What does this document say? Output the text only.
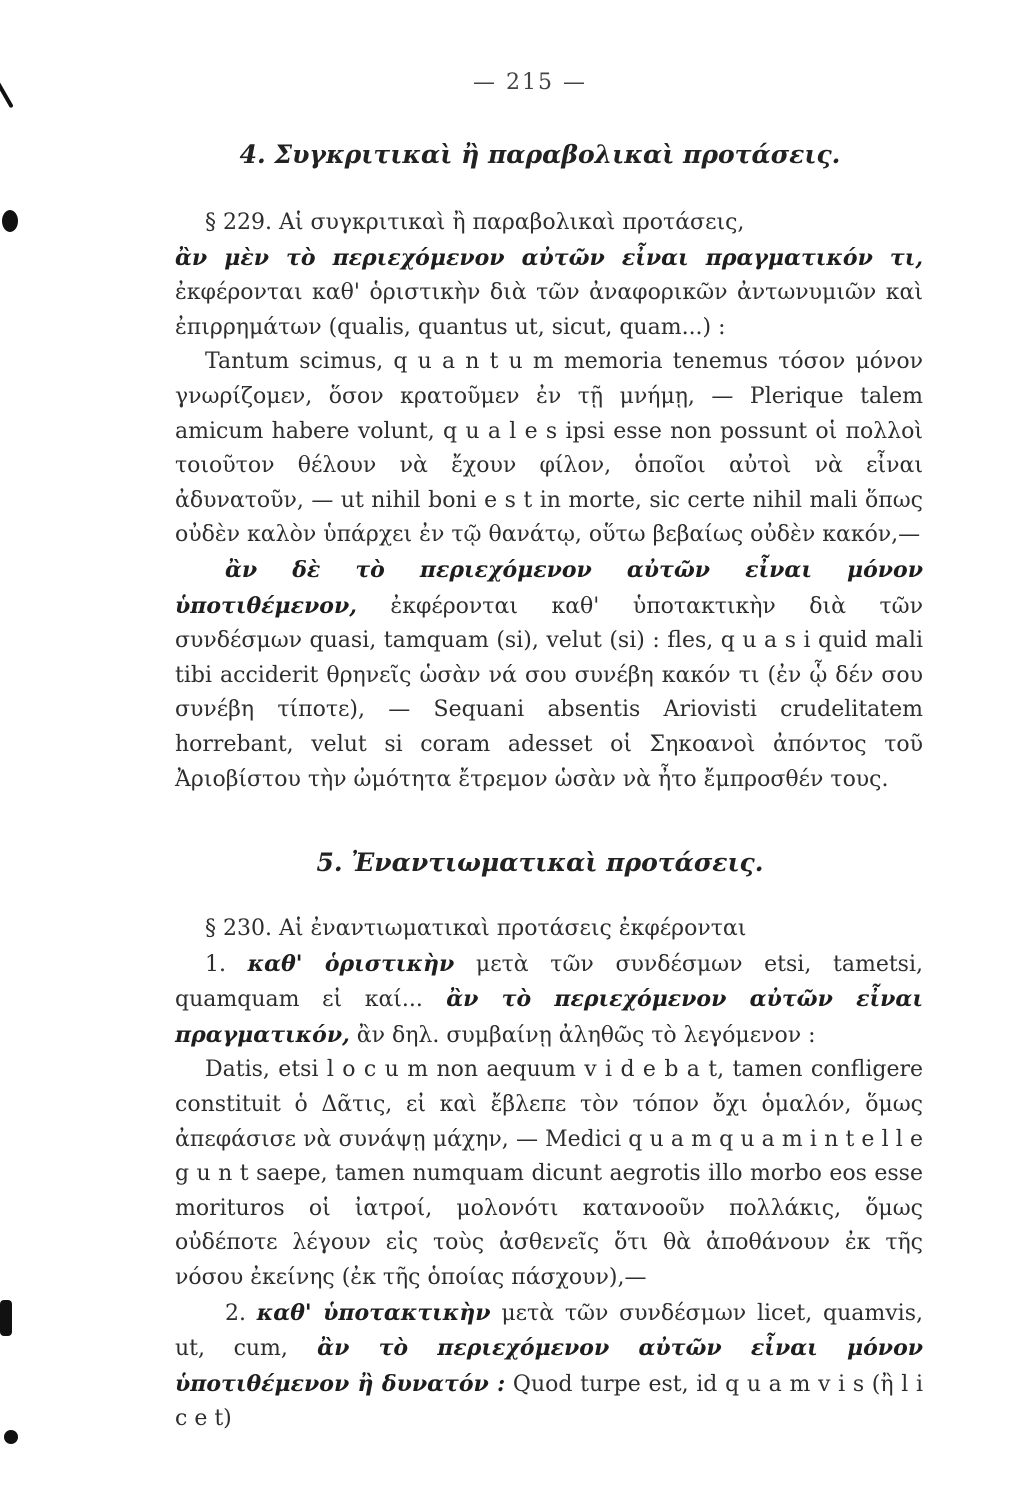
— 215 —
4. Συγκριτικαὶ ἢ παραβολικαὶ προτάσεις.

§ 229. Αἱ συγκριτικαὶ ἢ παραβολικαὶ προτάσεις,
ἂν μὲν τὸ περιεχόμενον αὐτῶν εἶναι πραγματικόν τι, ἐκφέρονται καθ' ὁριστικὴν διὰ τῶν ἀναφορικῶν ἀντωνυμιῶν καὶ ἐπιρρημάτων (qualis, quantus ut, sicut, quam...) :

Tantum scimus, q u a n t u m memoria tenemus τόσον μόνον γνωρίζομεν, ὅσον κρατοῦμεν ἐν τῇ μνήμῃ, — Plerique talem amicum habere volunt, q u a l e s ipsi esse non possunt οἱ πολλοὶ τοιοῦτον θέλουν νὰ ἔχουν φίλον, ὁποῖοι αὐτοὶ νὰ εἶναι ἀδυνατοῦν, — ut nihil boni e s t in morte, sic certe nihil mali ὅπως οὐδὲν καλὸν ὑπάρχει ἐν τῷ θανάτῳ, οὕτω βεβαίως οὐδὲν κακόν,—

ἂν δὲ τὸ περιεχόμενον αὐτῶν εἶναι μόνον ὑποτιθέμενον, ἐκφέρονται καθ' ὑποτακτικὴν διὰ τῶν συνδέσμων quasi, tamquam (si), velut (si) : fles, q u a s i quid mali tibi acciderit θρηνεῖς ὡσὰν νά σου συνέβη κακόν τι (ἐν ᾧ δέν σου συνέβη τίποτε), — Sequani absentis Ariovisti crudelitatem horrebant, velut si coram adesset οἱ Σηκοανοὶ ἀπόντος τοῦ Ἀριοβίστου τὴν ὠμότητα ἔτρεμον ὡσὰν νὰ ἦτο ἔμπροσθέν τους.

5. Ἐναντιωματικαὶ προτάσεις.

§ 230. Αἱ ἐναντιωματικαὶ προτάσεις ἐκφέρονται

1. καθ' ὁριστικὴν μετὰ τῶν συνδέσμων etsi, tametsi, quamquam εἰ καί... ἂν τὸ περιεχόμενον αὐτῶν εἶναι πραγματικόν, ἂν δηλ. συμβαίνῃ ἀληθῶς τὸ λεγόμενον :

Datis, etsi l o c u m non aequum v i d e b a t, tamen confligere constituit ὁ Δᾶτις, εἰ καὶ ἔβλεπε τὸν τόπον ὄχι ὁμαλόν, ὅμως ἀπεφάσισε νὰ συνάψῃ μάχην, — Medici q u a m q u a m i n t e l l e g u n t saepe, tamen numquam dicunt aegrotis illo morbo eos esse morituros οἱ ἰατροί, μολονότι κατανοοῦν πολλάκις, ὅμως οὐδέποτε λέγουν εἰς τοὺς ἀσθενεῖς ὅτι θὰ ἀποθάνουν ἐκ τῆς νόσου ἐκείνης (ἐκ τῆς ὁποίας πάσχουν),—

2. καθ' ὑποτακτικὴν μετὰ τῶν συνδέσμων licet, quamvis, ut, cum, ἂν τὸ περιεχόμενον αὐτῶν εἶναι μόνον ὑποτιθέμενον ἢ δυνατόν : Quod turpe est, id q u a m v i s (ἢ l i c e t)
